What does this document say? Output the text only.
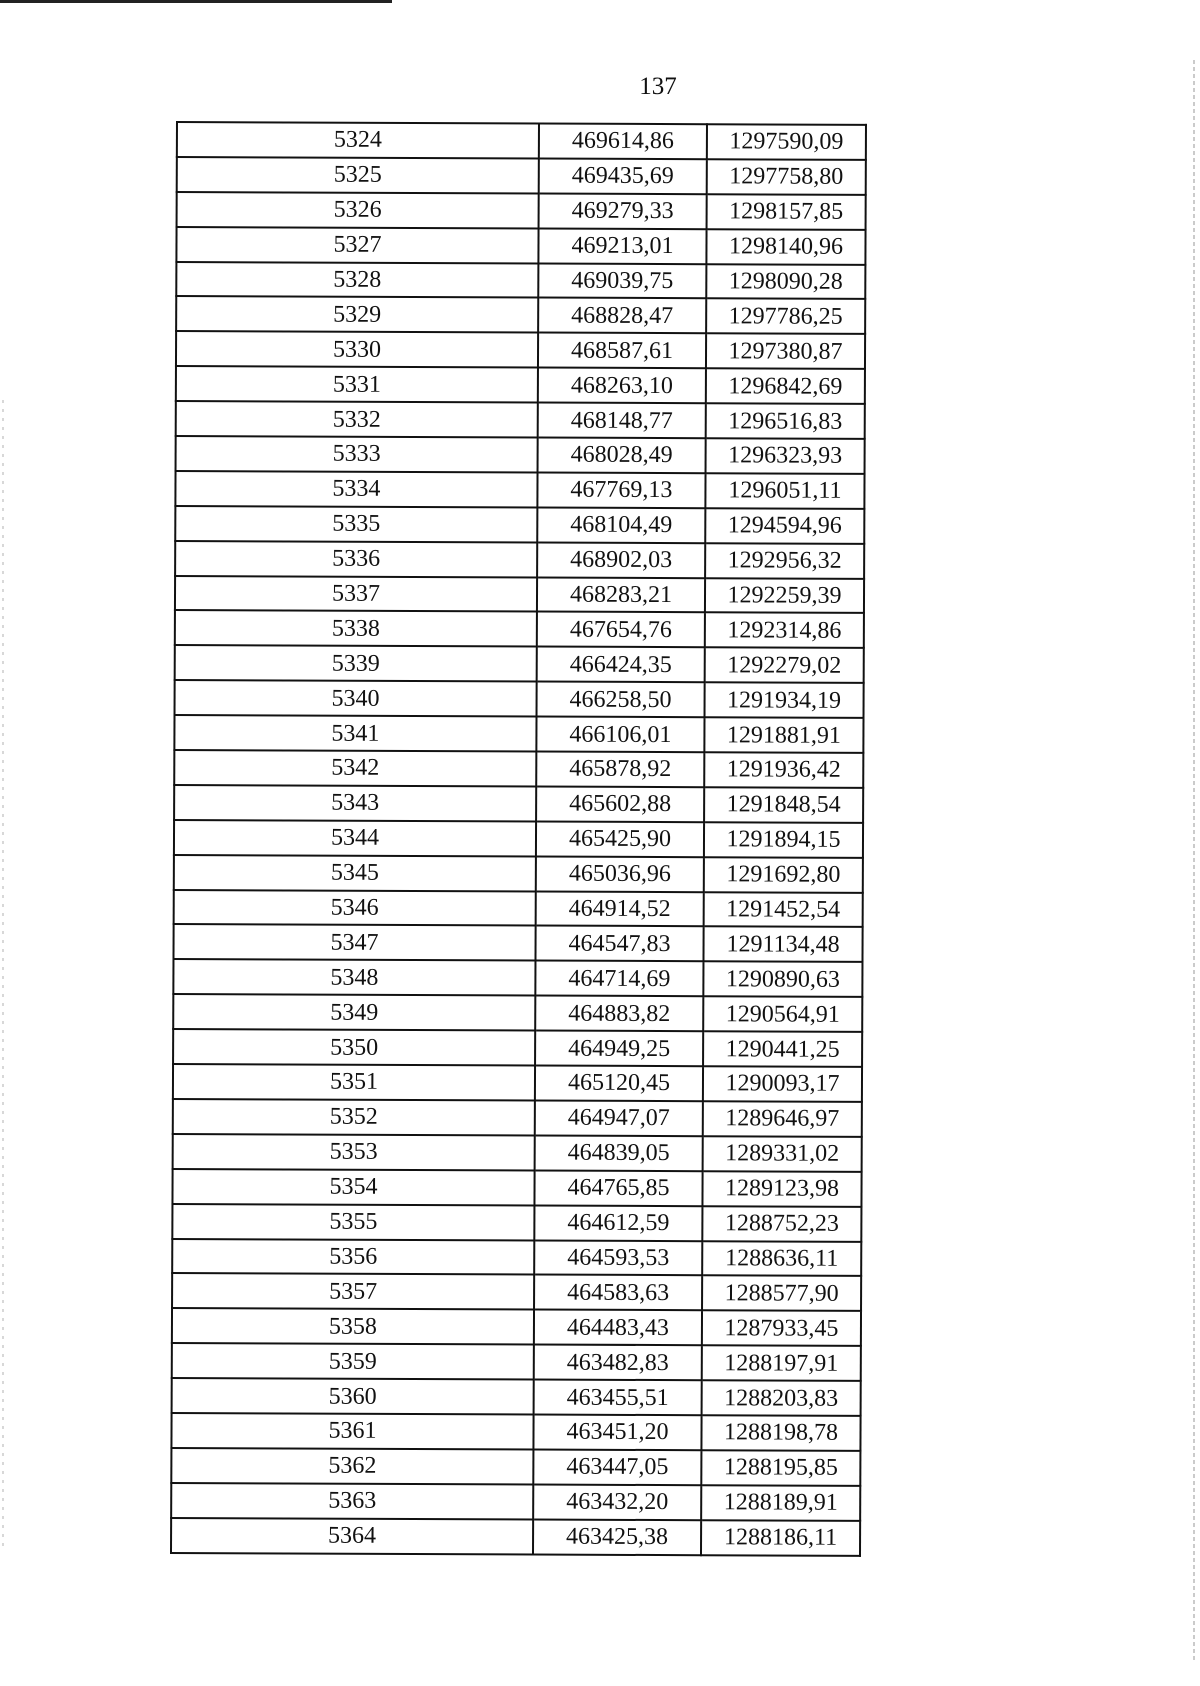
137
5324	469614,86	1297590,09
5325	469435,69	1297758,80
5326	469279,33	1298157,85
5327	469213,01	1298140,96
5328	469039,75	1298090,28
5329	468828,47	1297786,25
5330	468587,61	1297380,87
5331	468263,10	1296842,69
5332	468148,77	1296516,83
5333	468028,49	1296323,93
5334	467769,13	1296051,11
5335	468104,49	1294594,96
5336	468902,03	1292956,32
5337	468283,21	1292259,39
5338	467654,76	1292314,86
5339	466424,35	1292279,02
5340	466258,50	1291934,19
5341	466106,01	1291881,91
5342	465878,92	1291936,42
5343	465602,88	1291848,54
5344	465425,90	1291894,15
5345	465036,96	1291692,80
5346	464914,52	1291452,54
5347	464547,83	1291134,48
5348	464714,69	1290890,63
5349	464883,82	1290564,91
5350	464949,25	1290441,25
5351	465120,45	1290093,17
5352	464947,07	1289646,97
5353	464839,05	1289331,02
5354	464765,85	1289123,98
5355	464612,59	1288752,23
5356	464593,53	1288636,11
5357	464583,63	1288577,90
5358	464483,43	1287933,45
5359	463482,83	1288197,91
5360	463455,51	1288203,83
5361	463451,20	1288198,78
5362	463447,05	1288195,85
5363	463432,20	1288189,91
5364	463425,38	1288186,11
